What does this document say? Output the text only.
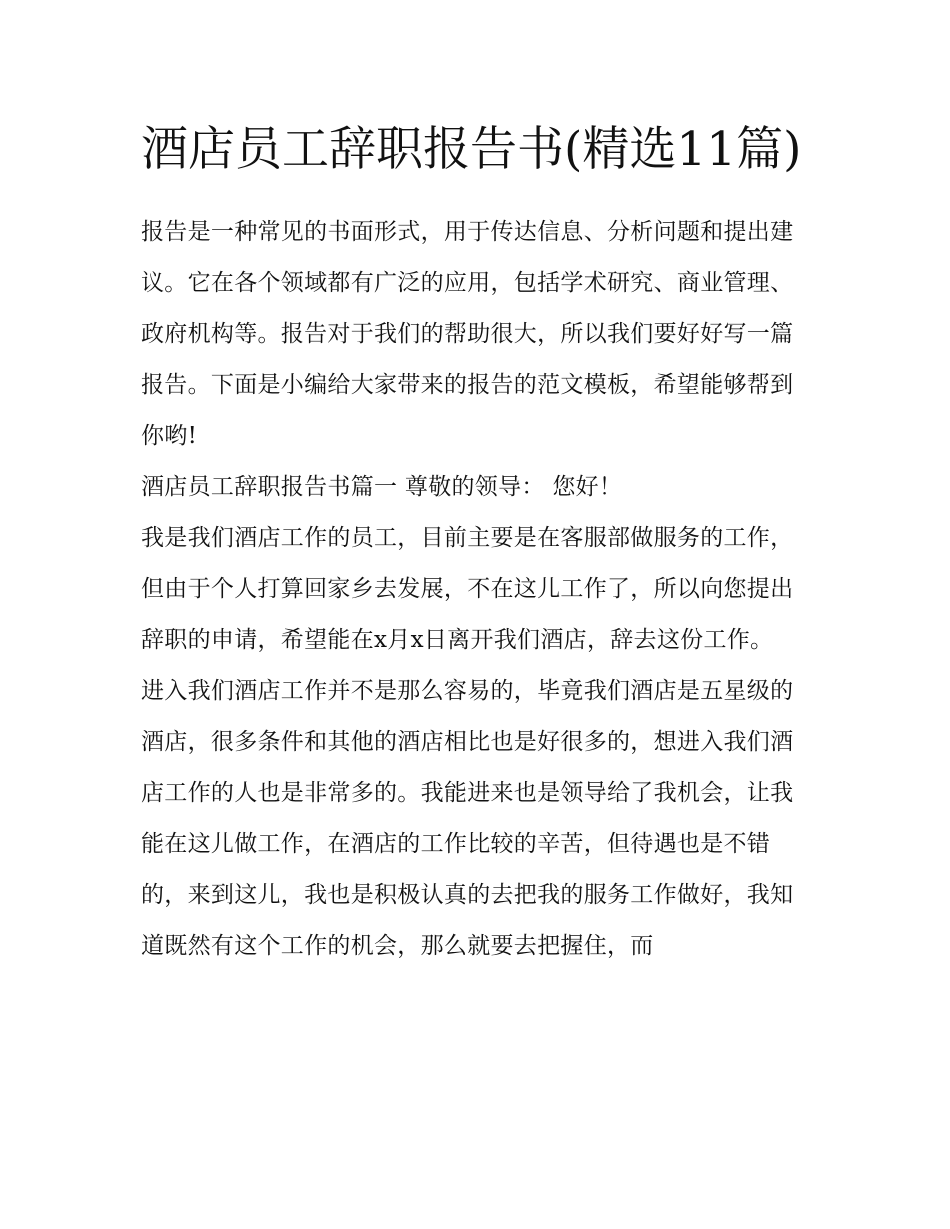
酒店员工辞职报告书(精选11篇)

报告是一种常见的书面形式，用于传达信息、分析问题和提出建议。它在各个领域都有广泛的应用，包括学术研究、商业管理、政府机构等。报告对于我们的帮助很大，所以我们要好好写一篇报告。下面是小编给大家带来的报告的范文模板，希望能够帮到你哟!

酒店员工辞职报告书篇一 尊敬的领导： 您好！

我是我们酒店工作的员工，目前主要是在客服部做服务的工作，但由于个人打算回家乡去发展，不在这儿工作了，所以向您提出辞职的申请，希望能在x月x日离开我们酒店，辞去这份工作。

进入我们酒店工作并不是那么容易的，毕竟我们酒店是五星级的酒店，很多条件和其他的酒店相比也是好很多的，想进入我们酒店工作的人也是非常多的。我能进来也是领导给了我机会，让我能在这儿做工作，在酒店的工作比较的辛苦，但待遇也是不错的，来到这儿，我也是积极认真的去把我的服务工作做好，我知道既然有这个工作的机会，那么就要去把握住，而
